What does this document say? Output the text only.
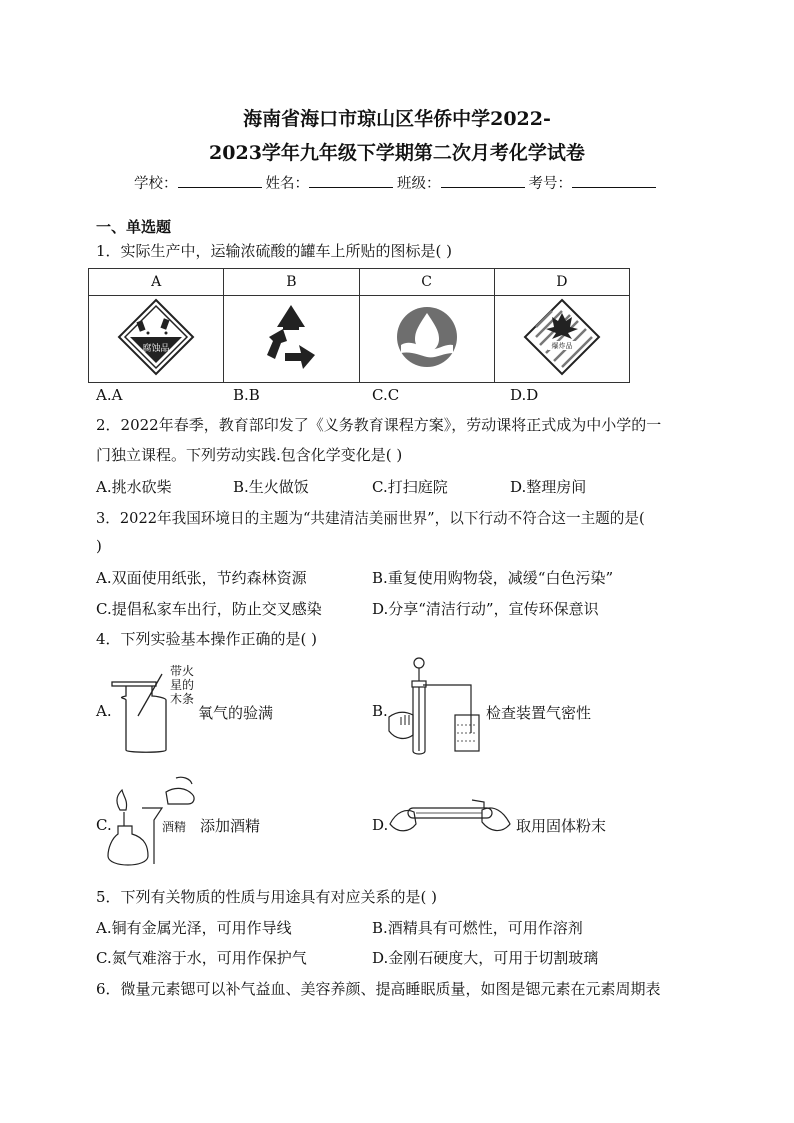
海南省海口市琼山区华侨中学2022-
2023学年九年级下学期第二次月考化学试卷
学校：	姓名：	班级：	考号：
一、单选题
1．实际生产中，运输浓硫酸的罐车上所贴的图标是( )
A	B	C	D

腐蚀品			爆炸品
A.A	B.B	C.C	D.D
2．2022年春季，教育部印发了《义务教育课程方案》，劳动课将正式成为中小学的一
门独立课程。下列劳动实践.包含化学变化是( )
A.挑水砍柴	B.生火做饭	C.打扫庭院	D.整理房间
3．2022年我国环境日的主题为“共建清洁美丽世界”，以下行动不符合这一主题的是(
)
A.双面使用纸张，节约森林资源	B.重复使用购物袋，减缓“白色污染”
C.提倡私家车出行，防止交叉感染	D.分享“清洁行动”，宣传环保意识
4．下列实验基本操作正确的是( )
A.
带火
星的
木条
氧气的验满	B.	检查装置气密性
C.	酒精 添加酒精	D.	取用固体粉末
5．下列有关物质的性质与用途具有对应关系的是( )
A.铜有金属光泽，可用作导线	B.酒精具有可燃性，可用作溶剂
C.氮气难溶于水，可用作保护气	D.金刚石硬度大，可用于切割玻璃
6．微量元素锶可以补气益血、美容养颜、提高睡眠质量，如图是锶元素在元素周期表
